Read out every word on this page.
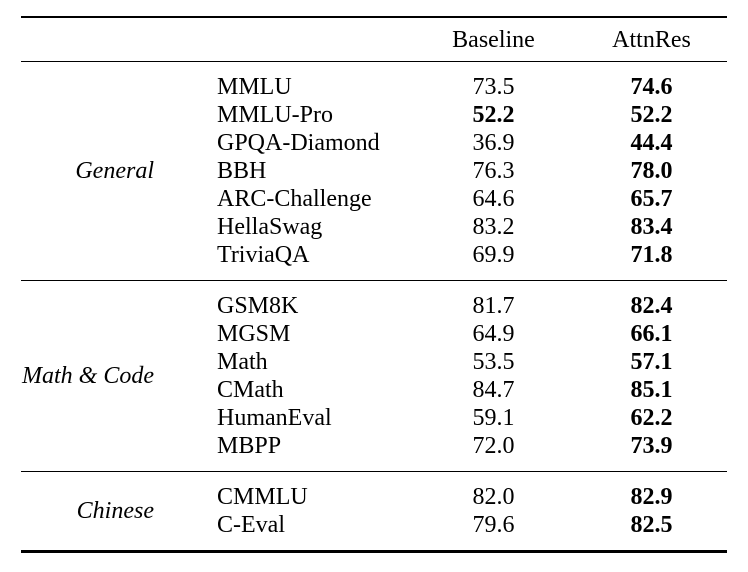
		Baseline	AttnRes
General	MMLU	73.5	74.6
	MMLU-Pro	52.2	52.2
	GPQA-Diamond	36.9	44.4
	BBH	76.3	78.0
	ARC-Challenge	64.6	65.7
	HellaSwag	83.2	83.4
	TriviaQA	69.9	71.8
Math & Code	GSM8K	81.7	82.4
	MGSM	64.9	66.1
	Math	53.5	57.1
	CMath	84.7	85.1
	HumanEval	59.1	62.2
	MBPP	72.0	73.9
Chinese	CMMLU	82.0	82.9
	C-Eval	79.6	82.5
